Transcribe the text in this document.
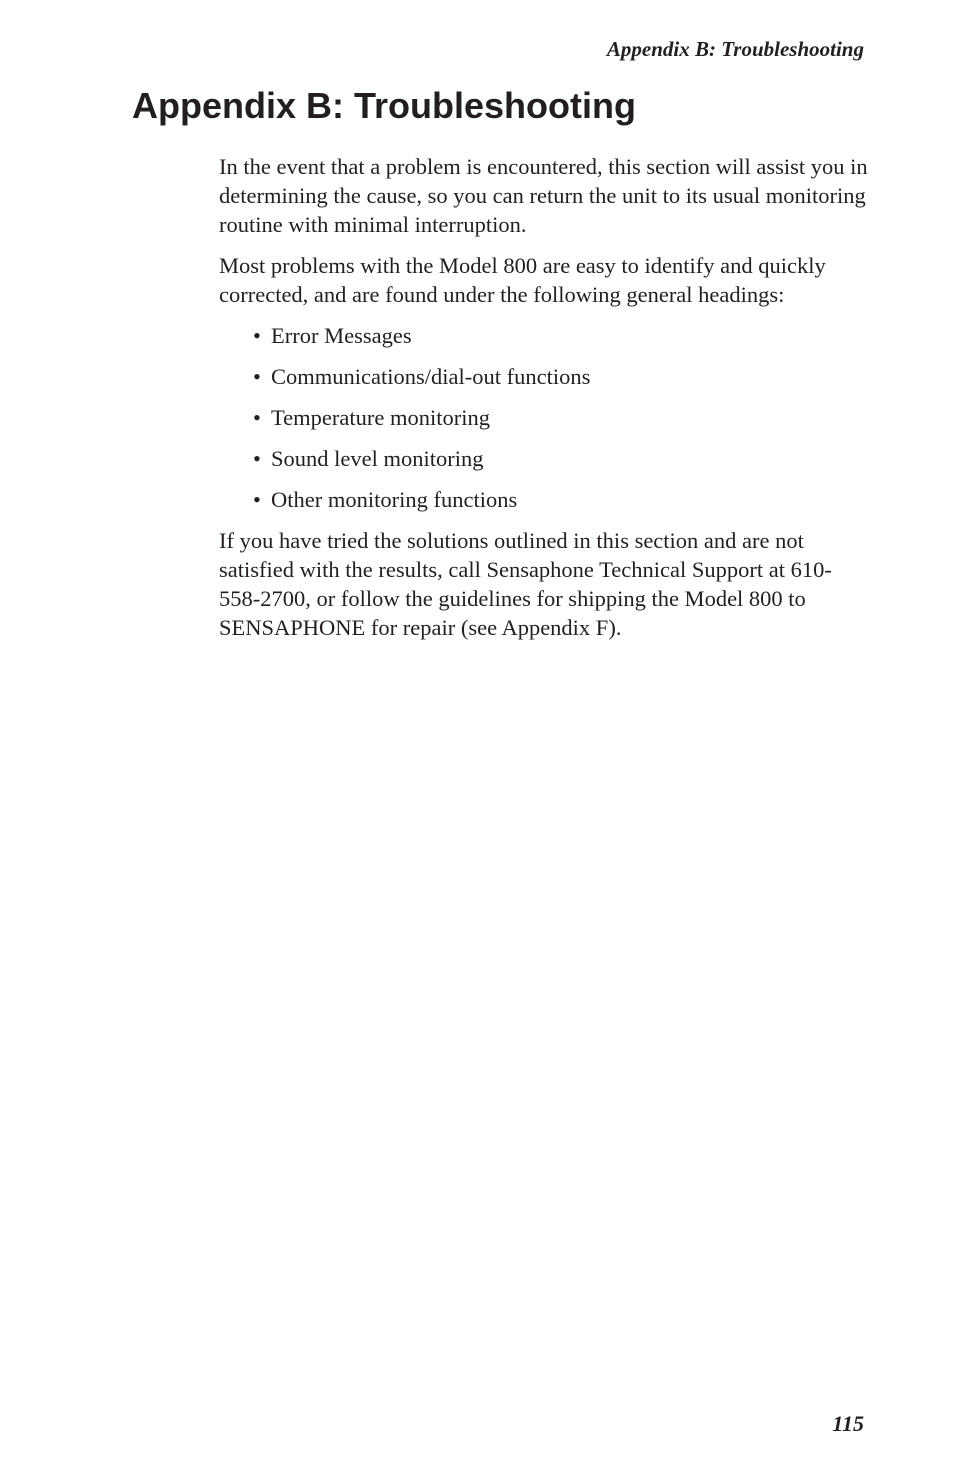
Appendix B: Troubleshooting
Appendix B: Troubleshooting

In the event that a problem is encountered, this section will assist you in determining the cause, so you can return the unit to its usual monitoring routine with minimal interruption.

Most problems with the Model 800 are easy to identify and quickly corrected, and are found under the following general headings:

• Error Messages
• Communications/dial-out functions
• Temperature monitoring
• Sound level monitoring
• Other monitoring functions

If you have tried the solutions outlined in this section and are not satisfied with the results, call Sensaphone Technical Support at 610-558-2700, or follow the guidelines for shipping the Model 800 to SENSAPHONE for repair (see Appendix F).

115
